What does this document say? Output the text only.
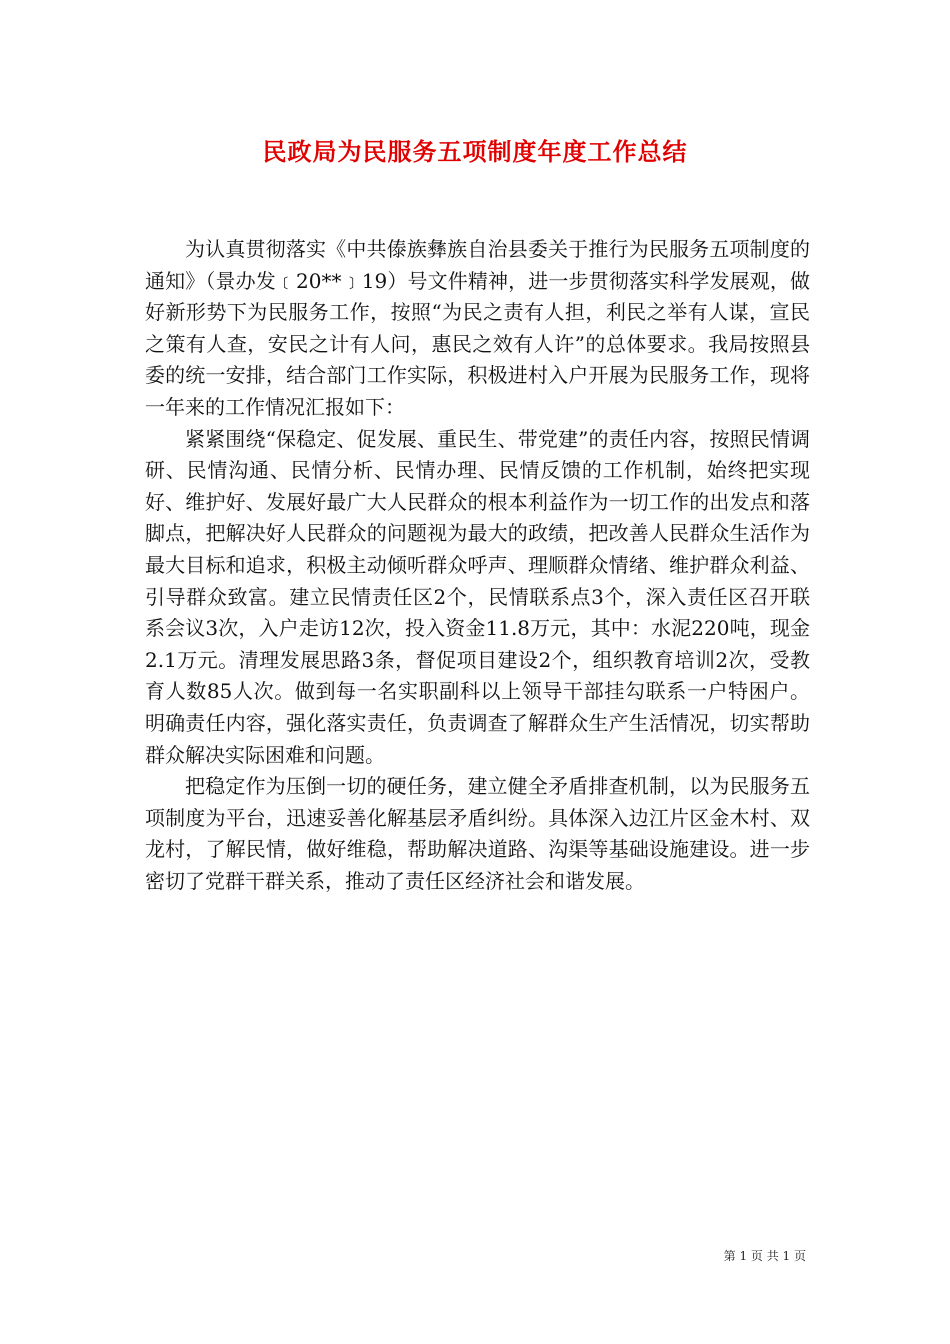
民政局为民服务五项制度年度工作总结

为认真贯彻落实《中共傣族彝族自治县委关于推行为民服务五项制度的通知》（景办发﹝20**﹞19）号文件精神，进一步贯彻落实科学发展观，做好新形势下为民服务工作，按照“为民之责有人担，利民之举有人谋，宣民之策有人查，安民之计有人问，惠民之效有人许”的总体要求。我局按照县委的统一安排，结合部门工作实际，积极进村入户开展为民服务工作，现将一年来的工作情况汇报如下：

紧紧围绕“保稳定、促发展、重民生、带党建”的责任内容，按照民情调研、民情沟通、民情分析、民情办理、民情反馈的工作机制，始终把实现好、维护好、发展好最广大人民群众的根本利益作为一切工作的出发点和落脚点，把解决好人民群众的问题视为最大的政绩，把改善人民群众生活作为最大目标和追求，积极主动倾听群众呼声、理顺群众情绪、维护群众利益、引导群众致富。建立民情责任区2个，民情联系点3个，深入责任区召开联系会议3次，入户走访12次，投入资金11.8万元，其中：水泥220吨，现金2.1万元。清理发展思路3条，督促项目建设2个，组织教育培训2次，受教育人数85人次。做到每一名实职副科以上领导干部挂勾联系一户特困户。明确责任内容，强化落实责任，负责调查了解群众生产生活情况，切实帮助群众解决实际困难和问题。

把稳定作为压倒一切的硬任务，建立健全矛盾排查机制，以为民服务五项制度为平台，迅速妥善化解基层矛盾纠纷。具体深入边江片区金木村、双龙村，了解民情，做好维稳，帮助解决道路、沟渠等基础设施建设。进一步密切了党群干群关系，推动了责任区经济社会和谐发展。

第 1 页 共 1 页
